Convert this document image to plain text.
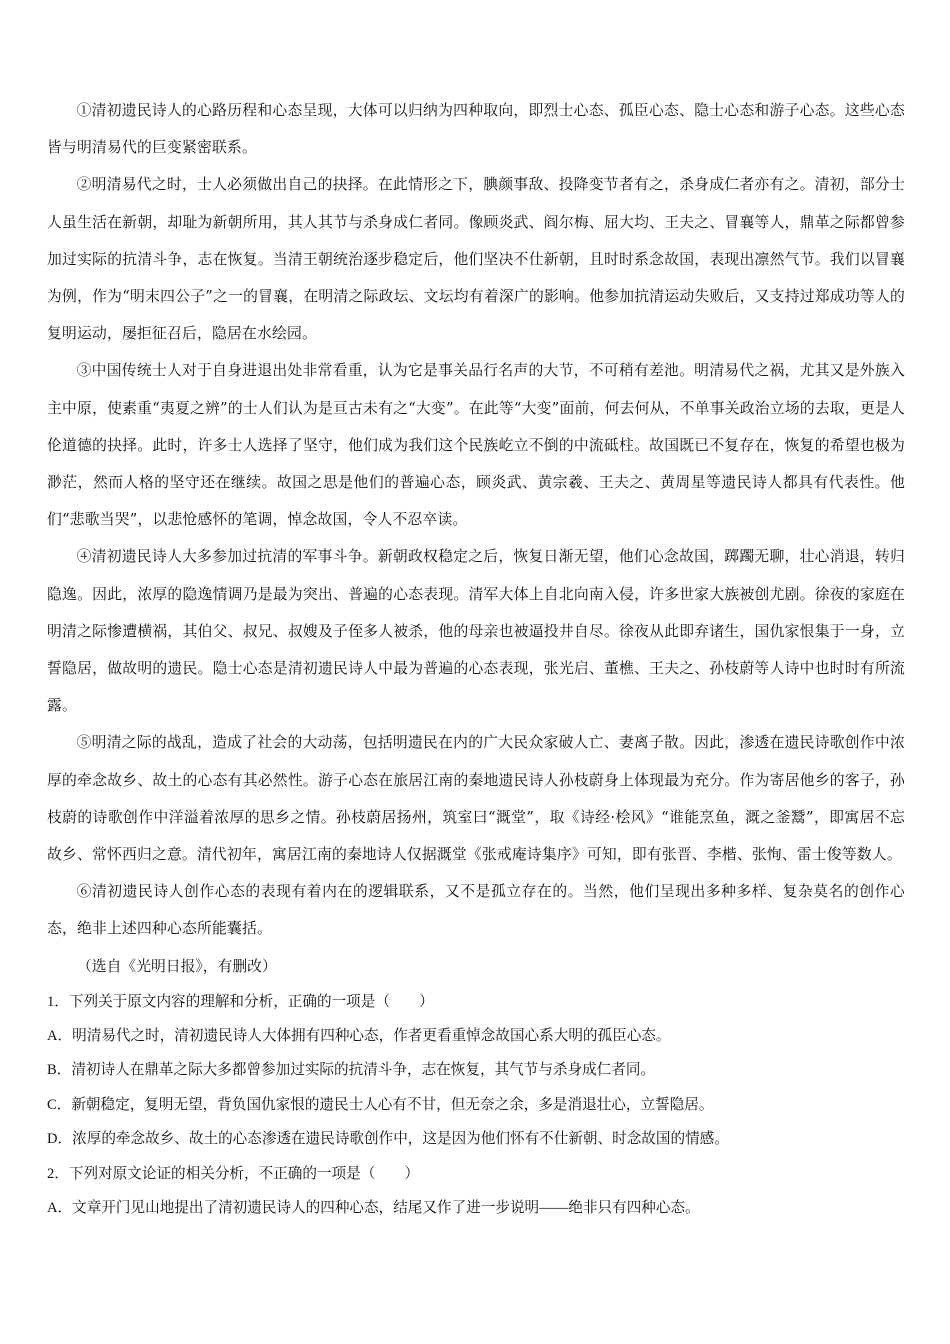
①清初遗民诗人的心路历程和心态呈现，大体可以归纳为四种取向，即烈士心态、孤臣心态、隐士心态和游子心态。这些心态皆与明清易代的巨变紧密联系。

②明清易代之时，士人必须做出自己的抉择。在此情形之下，腆颜事敌、投降变节者有之，杀身成仁者亦有之。清初，部分士人虽生活在新朝，却耻为新朝所用，其人其节与杀身成仁者同。像顾炎武、阎尔梅、屈大均、王夫之、冒襄等人，鼎革之际都曾参加过实际的抗清斗争，志在恢复。当清王朝统治逐步稳定后，他们坚决不仕新朝，且时时系念故国，表现出凛然气节。我们以冒襄为例，作为“明末四公子”之一的冒襄，在明清之际政坛、文坛均有着深广的影响。他参加抗清运动失败后，又支持过郑成功等人的复明运动，屡拒征召后，隐居在水绘园。

③中国传统士人对于自身进退出处非常看重，认为它是事关品行名声的大节，不可稍有差池。明清易代之祸，尤其又是外族入主中原，使素重“夷夏之辨”的士人们认为是亘古未有之“大变”。在此等“大变”面前，何去何从，不单事关政治立场的去取，更是人伦道德的抉择。此时，许多士人选择了坚守，他们成为我们这个民族屹立不倒的中流砥柱。故国既已不复存在，恢复的希望也极为渺茫，然而人格的坚守还在继续。故国之思是他们的普遍心态，顾炎武、黄宗羲、王夫之、黄周星等遗民诗人都具有代表性。他们“悲歌当哭”，以悲怆感怀的笔调，悼念故国，令人不忍卒读。

④清初遗民诗人大多参加过抗清的军事斗争。新朝政权稳定之后，恢复日渐无望，他们心念故国，踯躅无聊，壮心消退，转归隐逸。因此，浓厚的隐逸情调乃是最为突出、普遍的心态表现。清军大体上自北向南入侵，许多世家大族被创尤剧。徐夜的家庭在明清之际惨遭横祸，其伯父、叔兄、叔嫂及子侄多人被杀，他的母亲也被逼投井自尽。徐夜从此即弃诸生，国仇家恨集于一身，立誓隐居，做故明的遗民。隐士心态是清初遗民诗人中最为普遍的心态表现，张光启、董樵、王夫之、孙枝蔚等人诗中也时时有所流露。

⑤明清之际的战乱，造成了社会的大动荡，包括明遗民在内的广大民众家破人亡、妻离子散。因此，渗透在遗民诗歌创作中浓厚的牵念故乡、故土的心态有其必然性。游子心态在旅居江南的秦地遗民诗人孙枝蔚身上体现最为充分。作为寄居他乡的客子，孙枝蔚的诗歌创作中洋溢着浓厚的思乡之情。孙枝蔚居扬州，筑室曰“溉堂”，取《诗经·桧风》“谁能烹鱼，溉之釜鬵”，即寓居不忘故乡、常怀西归之意。清代初年，寓居江南的秦地诗人仅据溉堂《张戒庵诗集序》可知，即有张晋、李楷、张恂、雷士俊等数人。

⑥清初遗民诗人创作心态的表现有着内在的逻辑联系，又不是孤立存在的。当然，他们呈现出多种多样、复杂莫名的创作心态，绝非上述四种心态所能囊括。

（选自《光明日报》，有删改）

1．下列关于原文内容的理解和分析，正确的一项是（　　）

A．明清易代之时，清初遗民诗人大体拥有四种心态，作者更看重悼念故国心系大明的孤臣心态。

B．清初诗人在鼎革之际大多都曾参加过实际的抗清斗争，志在恢复，其气节与杀身成仁者同。

C．新朝稳定，复明无望，背负国仇家恨的遗民士人心有不甘，但无奈之余，多是消退壮心，立誓隐居。

D．浓厚的牵念故乡、故土的心态渗透在遗民诗歌创作中，这是因为他们怀有不仕新朝、时念故国的情感。

2．下列对原文论证的相关分析，不正确的一项是（　　）

A．文章开门见山地提出了清初遗民诗人的四种心态，结尾又作了进一步说明——绝非只有四种心态。
